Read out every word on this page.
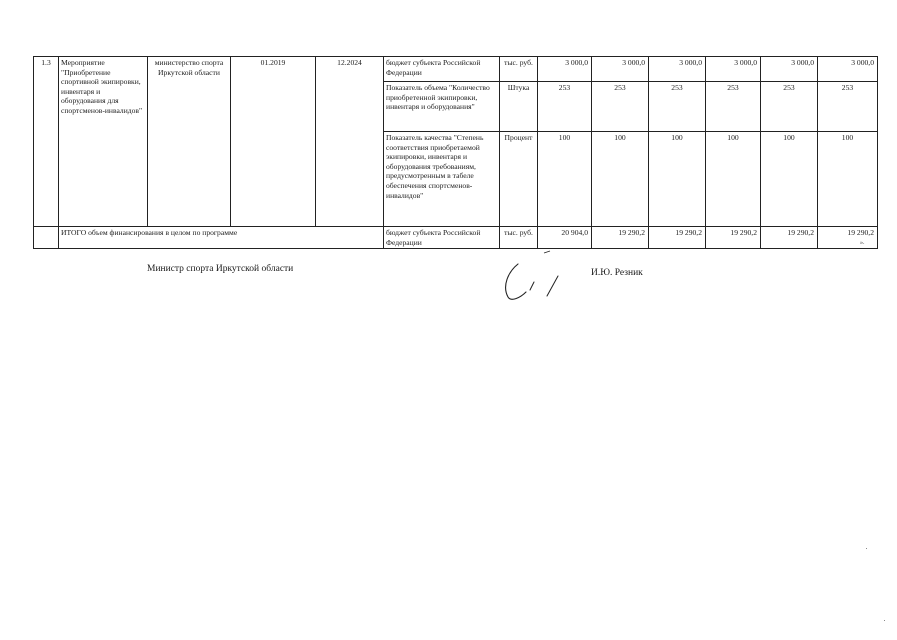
1.3	Мероприятие "Приобретение спортивной экипировки, инвентаря и оборудования для спортсменов-инвалидов"	министерство спорта Иркутской области	01.2019	12.2024	бюджет субъекта Российской Федерации	тыс. руб.	3 000,0	3 000,0	3 000,0	3 000,0	3 000,0	3 000,0
					Показатель объема "Количество приобретенной экипировки, инвентаря и оборудования"	Штука	253	253	253	253	253	253
					Показатель качества "Степень соответствия приобретаемой экипировки, инвентаря и оборудования требованиям, предусмотренным в табеле обеспечения спортсменов-инвалидов"	Процент	100	100	100	100	100	100
	ИТОГО объем финансирования в целом по программе				бюджет субъекта Российской Федерации	тыс. руб.	20 904,0	19 290,2	19 290,2	19 290,2	19 290,2	19 290,2
».
Министр спорта Иркутской области	И.Ю. Резник
